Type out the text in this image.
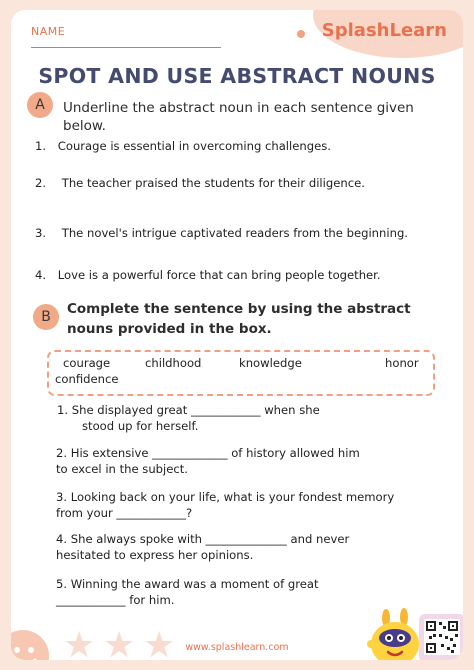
NAME	SplashLearn
SPOT AND USE ABSTRACT NOUNS
A	Underline the abstract noun in each sentence given below.
1. Courage is essential in overcoming challenges.
2. The teacher praised the students for their diligence.
3. The novel's intrigue captivated readers from the beginning.
4. Love is a powerful force that can bring people together.
B	Complete the sentence by using the abstract
nouns provided in the box.
courage	childhood	knowledge	honor
confidence
1. She displayed great ____________ when she
stood up for herself.
2. His extensive _____________ of history allowed him
to excel in the subject.
3. Looking back on your life, what is your fondest memory
from your ____________?
4. She always spoke with ______________ and never
hesitated to express her opinions.
5. Winning the award was a moment of great
____________ for him.
★ ★ ★	www.splashlearn.com
